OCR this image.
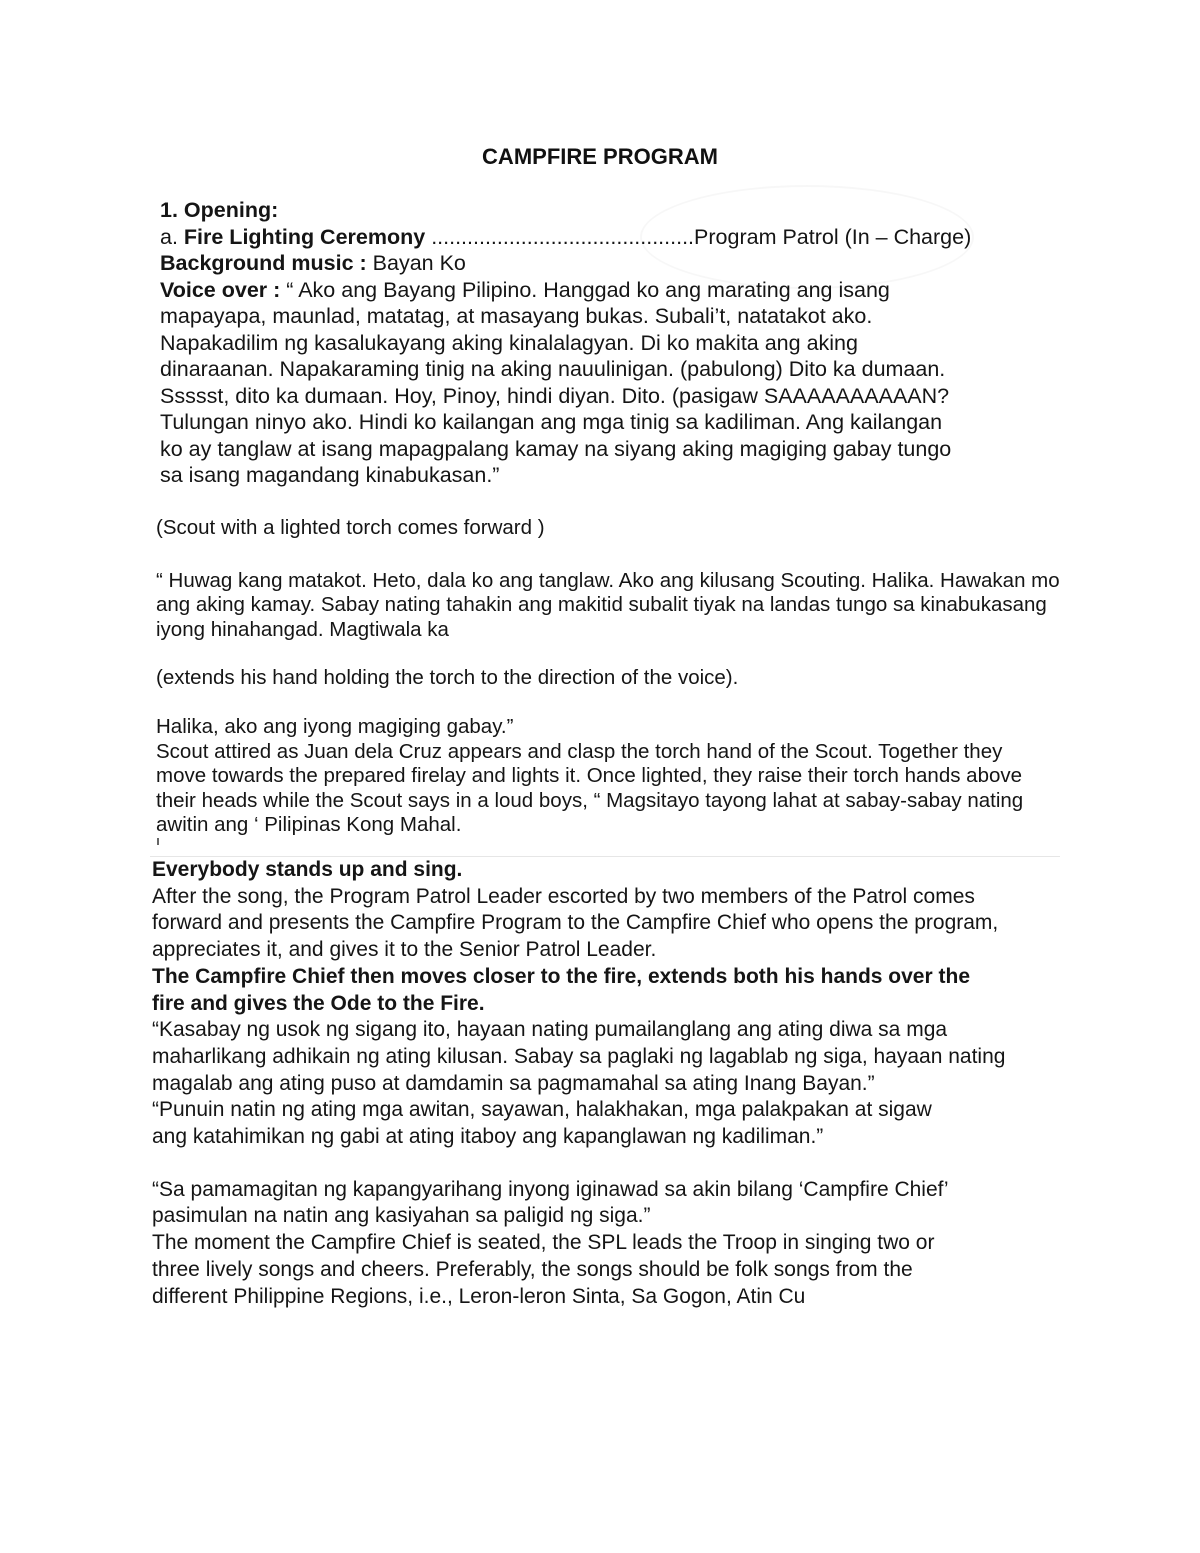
CAMPFIRE PROGRAM

1. Opening:

a. Fire Lighting Ceremony ............................................Program Patrol (In – Charge)

Background music : Bayan Ko

Voice over : “ Ako ang Bayang Pilipino. Hanggad ko ang marating ang isang mapayapa, maunlad, matatag, at masayang bukas. Subali’t, natatakot ako. Napakadilim ng kasalukayang aking kinalalagyan. Di ko makita ang aking dinaraanan. Napakaraming tinig na aking nauulinigan. (pabulong) Dito ka dumaan. Ssssst, dito ka dumaan. Hoy, Pinoy, hindi diyan. Dito. (pasigaw SAAAAAAAAAAN? Tulungan ninyo ako. Hindi ko kailangan ang mga tinig sa kadiliman. Ang kailangan ko ay tanglaw at isang mapagpalang kamay na siyang aking magiging gabay tungo sa isang magandang kinabukasan.”

(Scout with a lighted torch comes forward )

“ Huwag kang matakot. Heto, dala ko ang tanglaw. Ako ang kilusang Scouting. Halika. Hawakan mo ang aking kamay. Sabay nating tahakin ang makitid subalit tiyak na landas tungo sa kinabukasang iyong hinahangad. Magtiwala ka

(extends his hand holding the torch to the direction of the voice).

Halika, ako ang iyong magiging gabay.”

Scout attired as Juan dela Cruz appears and clasp the torch hand of the Scout. Together they move towards the prepared firelay and lights it. Once lighted, they raise their torch hands above their heads while the Scout says in a loud boys, “ Magsitayo tayong lahat at sabay-sabay nating awitin ang ‘ Pilipinas Kong Mahal.

Everybody stands up and sing.

After the song, the Program Patrol Leader escorted by two members of the Patrol comes forward and presents the Campfire Program to the Campfire Chief who opens the program, appreciates it, and gives it to the Senior Patrol Leader.

The Campfire Chief then moves closer to the fire, extends both his hands over the fire and gives the Ode to the Fire.

“Kasabay ng usok ng sigang ito, hayaan nating pumailanglang ang ating diwa sa mga maharlikang adhikain ng ating kilusan. Sabay sa paglaki ng lagablab ng siga, hayaan nating magalab ang ating puso at damdamin sa pagmamahal sa ating Inang Bayan.”

“Punuin natin ng ating mga awitan, sayawan, halakhakan, mga palakpakan at sigaw ang katahimikan ng gabi at ating itaboy ang kapanglawan ng kadiliman.”

“Sa pamamagitan ng kapangyarihang inyong iginawad sa akin bilang ‘Campfire Chief’ pasimulan na natin ang kasiyahan sa paligid ng siga.”

The moment the Campfire Chief is seated, the SPL leads the Troop in singing two or three lively songs and cheers. Preferably, the songs should be folk songs from the different Philippine Regions, i.e., Leron-leron Sinta, Sa Gogon, Atin Cu
